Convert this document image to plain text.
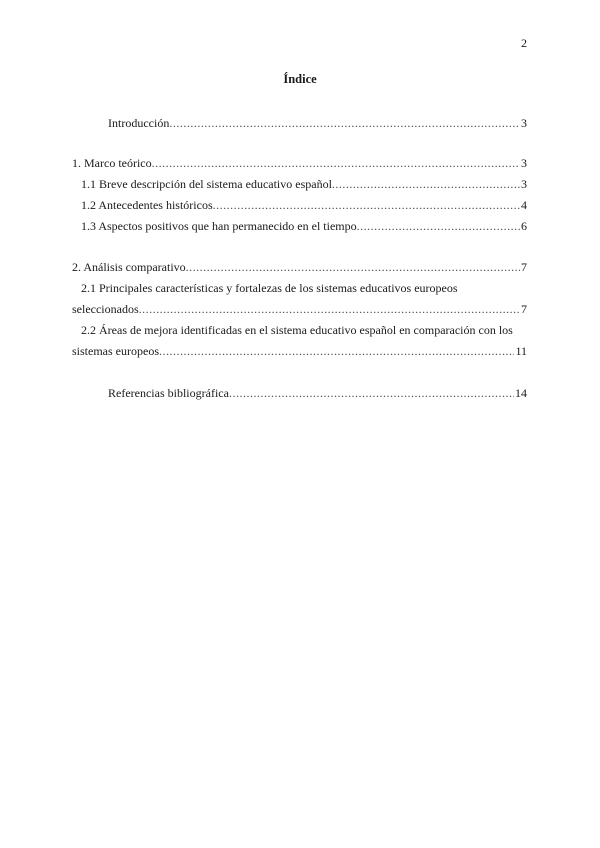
2
Índice
Introducción .....	3
1. Marco teórico .....	3
1.1 Breve descripción del sistema educativo español .....	3
1.2 Antecedentes históricos .....	4
1.3 Aspectos positivos que han permanecido en el tiempo .....	6
2. Análisis comparativo .....	7
2.1 Principales características y fortalezas de los sistemas educativos europeos
seleccionados .....	7
2.2 Áreas de mejora identificadas en el sistema educativo español en comparación con los
sistemas europeos .....	11
Referencias bibliográfica .....	14
